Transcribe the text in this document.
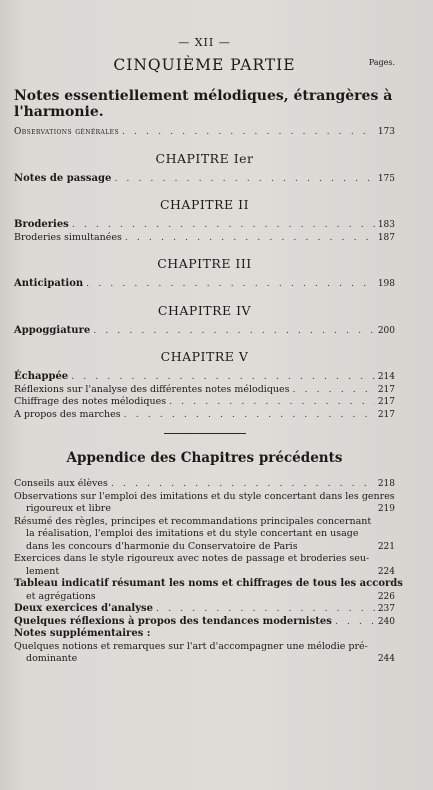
— XII —
CINQUIÈME PARTIE	Pages.
Notes essentiellement mélodiques, étrangères à l'harmonie.
Observations générales . . .	173
CHAPITRE Ier
Notes de passage . . .	175
CHAPITRE II
Broderies . . .	183
Broderies simultanées . . .	187
CHAPITRE III
Anticipation . . .	198
CHAPITRE IV
Appoggiature . . .	200
CHAPITRE V
Échappée . . .	214
Réflexions sur l'analyse des différentes notes mélodiques . . .	217
Chiffrage des notes mélodiques . . .	217
A propos des marches . . .	217
Appendice des Chapitres précédents
Conseils aux élèves . . .	218
Observations sur l'emploi des imitations et du style concertant dans les genres
rigoureux et libre	219
Résumé des règles, principes et recommandations principales concernant
la réalisation, l'emploi des imitations et du style concertant en usage
dans les concours d'harmonie du Conservatoire de Paris	221
Exercices dans le style rigoureux avec notes de passage et broderies seu-
lement	224
Tableau indicatif résumant les noms et chiffrages de tous les accords
et agrégations	226
Deux exercices d'analyse . . .	237
Quelques réflexions à propos des tendances modernistes . . .	240
Notes supplémentaires :
Quelques notions et remarques sur l'art d'accompagner une mélodie pré-
dominante	244
